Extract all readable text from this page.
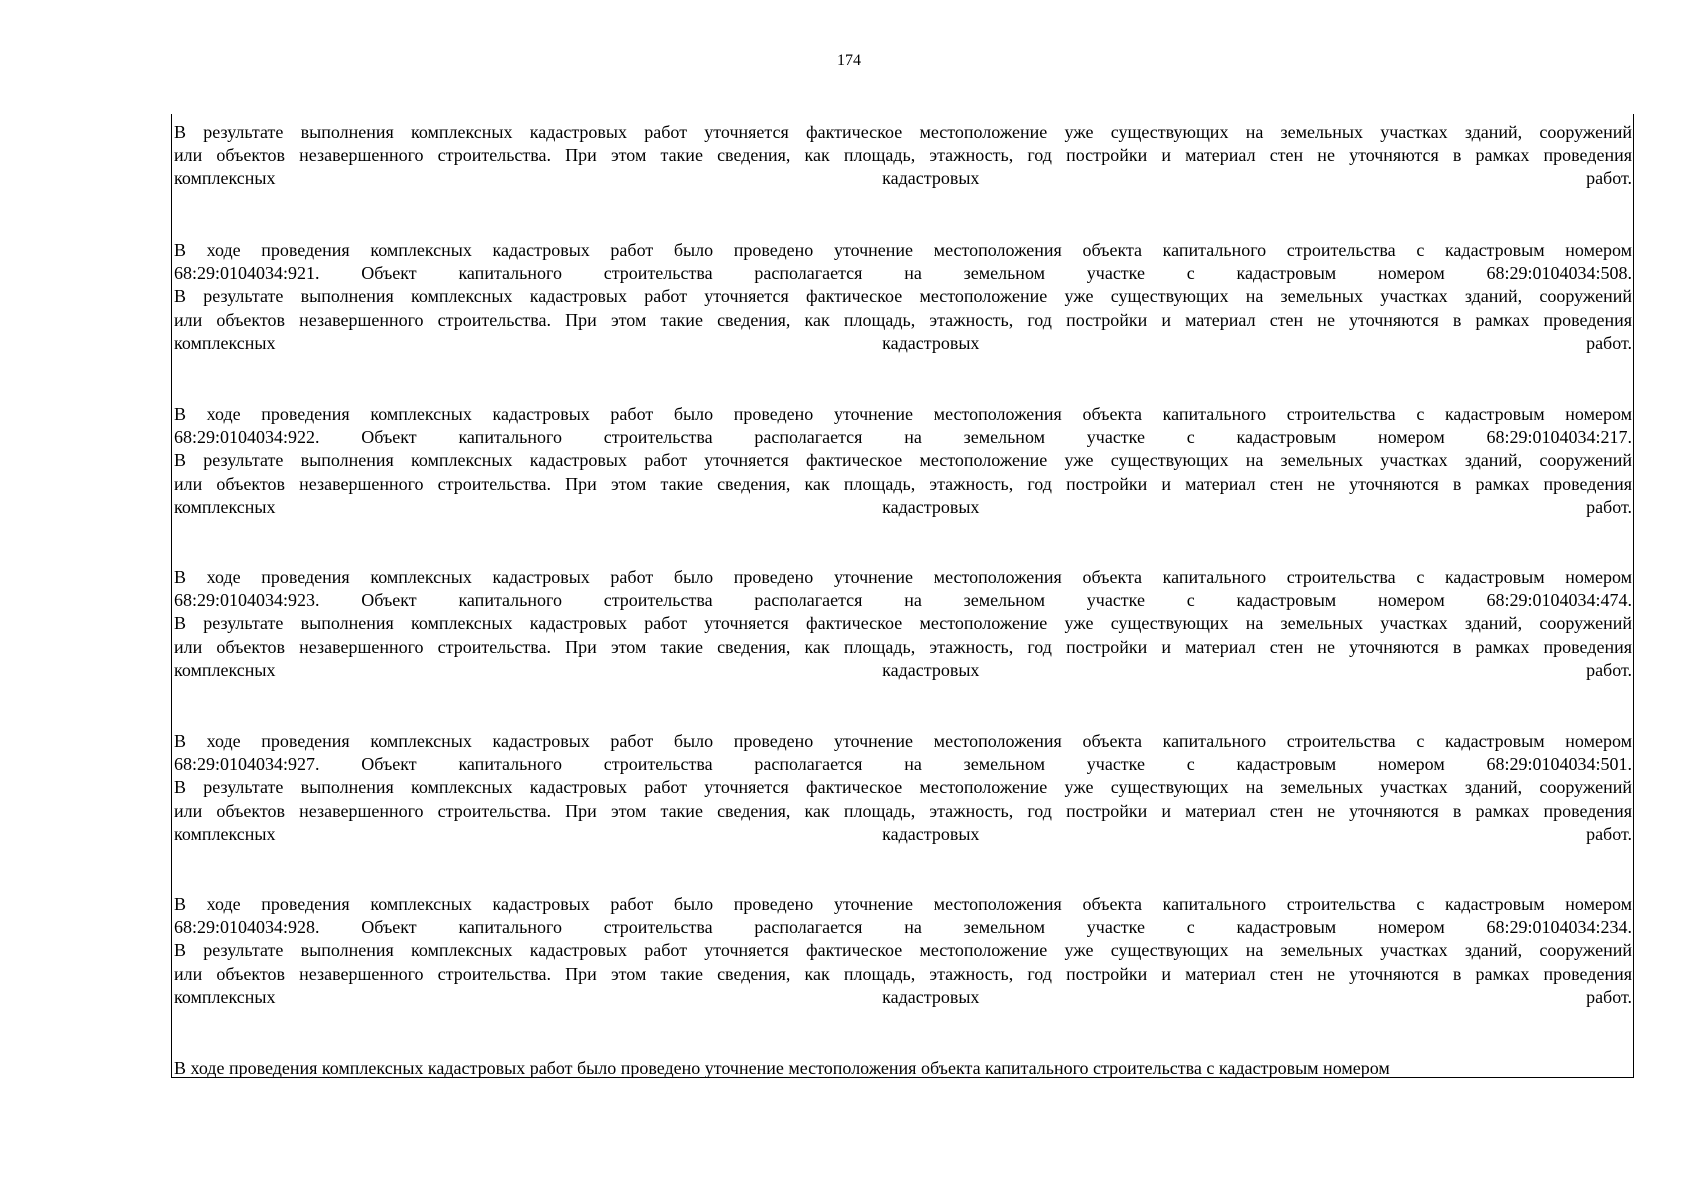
174
В результате выполнения комплексных кадастровых работ уточняется фактическое местоположение уже существующих на земельных участках зданий, сооружений
или объектов незавершенного строительства. При этом такие сведения, как площадь, этажность, год постройки и материал стен не уточняются в рамках проведения
комплексных кадастровых работ.
В ходе проведения комплексных кадастровых работ было проведено уточнение местоположения объекта капитального строительства с кадастровым номером
68:29:0104034:921. Объект капитального строительства располагается на земельном участке с кадастровым номером 68:29:0104034:508.
В результате выполнения комплексных кадастровых работ уточняется фактическое местоположение уже существующих на земельных участках зданий, сооружений
или объектов незавершенного строительства. При этом такие сведения, как площадь, этажность, год постройки и материал стен не уточняются в рамках проведения
комплексных кадастровых работ.
В ходе проведения комплексных кадастровых работ было проведено уточнение местоположения объекта капитального строительства с кадастровым номером
68:29:0104034:922. Объект капитального строительства располагается на земельном участке с кадастровым номером 68:29:0104034:217.
В результате выполнения комплексных кадастровых работ уточняется фактическое местоположение уже существующих на земельных участках зданий, сооружений
или объектов незавершенного строительства. При этом такие сведения, как площадь, этажность, год постройки и материал стен не уточняются в рамках проведения
комплексных кадастровых работ.
В ходе проведения комплексных кадастровых работ было проведено уточнение местоположения объекта капитального строительства с кадастровым номером
68:29:0104034:923. Объект капитального строительства располагается на земельном участке с кадастровым номером 68:29:0104034:474.
В результате выполнения комплексных кадастровых работ уточняется фактическое местоположение уже существующих на земельных участках зданий, сооружений
или объектов незавершенного строительства. При этом такие сведения, как площадь, этажность, год постройки и материал стен не уточняются в рамках проведения
комплексных кадастровых работ.
В ходе проведения комплексных кадастровых работ было проведено уточнение местоположения объекта капитального строительства с кадастровым номером
68:29:0104034:927. Объект капитального строительства располагается на земельном участке с кадастровым номером 68:29:0104034:501.
В результате выполнения комплексных кадастровых работ уточняется фактическое местоположение уже существующих на земельных участках зданий, сооружений
или объектов незавершенного строительства. При этом такие сведения, как площадь, этажность, год постройки и материал стен не уточняются в рамках проведения
комплексных кадастровых работ.
В ходе проведения комплексных кадастровых работ было проведено уточнение местоположения объекта капитального строительства с кадастровым номером
68:29:0104034:928. Объект капитального строительства располагается на земельном участке с кадастровым номером 68:29:0104034:234.
В результате выполнения комплексных кадастровых работ уточняется фактическое местоположение уже существующих на земельных участках зданий, сооружений
или объектов незавершенного строительства. При этом такие сведения, как площадь, этажность, год постройки и материал стен не уточняются в рамках проведения
комплексных кадастровых работ.
В ходе проведения комплексных кадастровых работ было проведено уточнение местоположения объекта капитального строительства с кадастровым номером
